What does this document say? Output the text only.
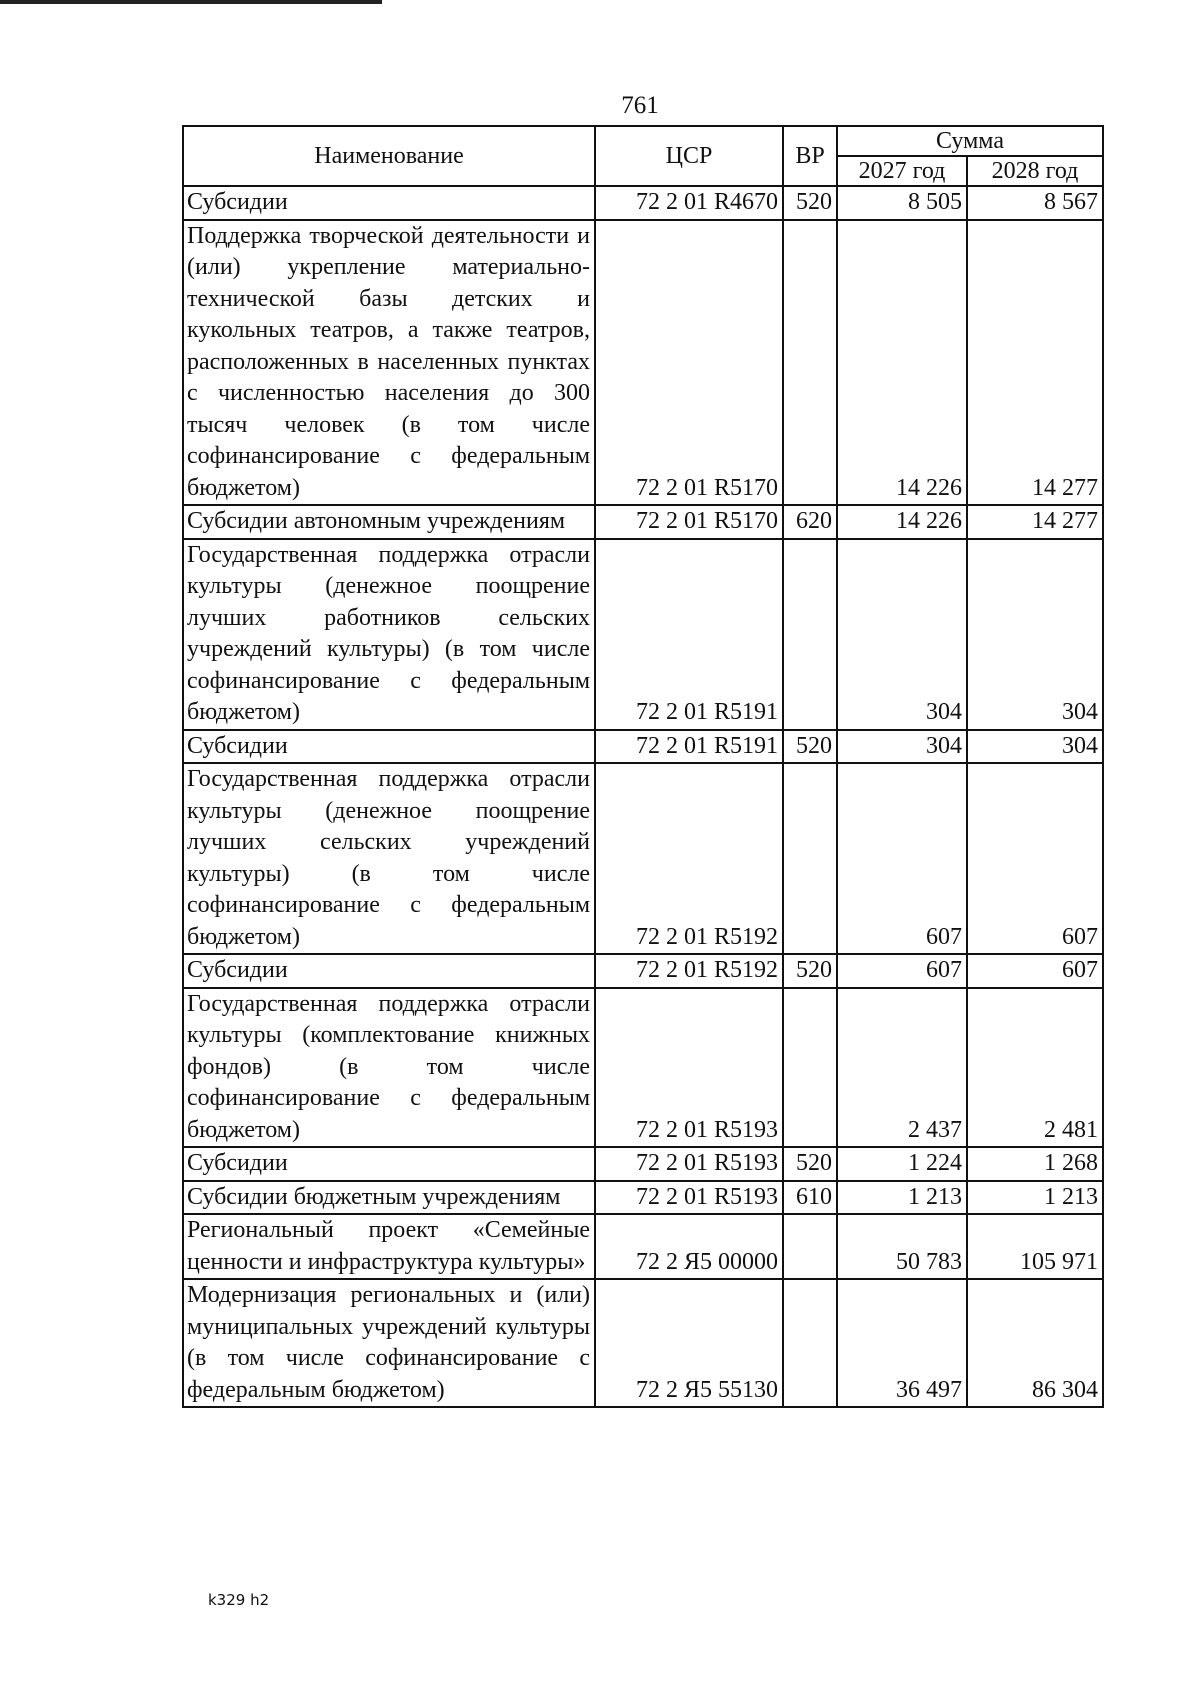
761
Наименование	ЦСР	ВР	Сумма	
			2027 год	2028 год
Субсидии	72 2 01 R4670	520	8 505	8 567
Поддержка творческой деятельности и (или) укрепление материально-технической базы детских и кукольных театров, а также театров, расположенных в населенных пунктах с численностью населения до 300 тысяч человек (в том числе софинансирование с федеральным бюджетом)	72 2 01 R5170		14 226	14 277
Субсидии автономным учреждениям	72 2 01 R5170	620	14 226	14 277
Государственная поддержка отрасли культуры (денежное поощрение лучших работников сельских учреждений культуры) (в том числе софинансирование с федеральным бюджетом)	72 2 01 R5191		304	304
Субсидии	72 2 01 R5191	520	304	304
Государственная поддержка отрасли культуры (денежное поощрение лучших сельских учреждений культуры) (в том числе софинансирование с федеральным бюджетом)	72 2 01 R5192		607	607
Субсидии	72 2 01 R5192	520	607	607
Государственная поддержка отрасли культуры (комплектование книжных фондов) (в том числе софинансирование с федеральным бюджетом)	72 2 01 R5193		2 437	2 481
Субсидии	72 2 01 R5193	520	1 224	1 268
Субсидии бюджетным учреждениям	72 2 01 R5193	610	1 213	1 213
Региональный проект «Семейные ценности и инфраструктура культуры»	72 2 Я5 00000		50 783	105 971
Модернизация региональных и (или) муниципальных учреждений культуры (в том числе софинансирование с федеральным бюджетом)	72 2 Я5 55130		36 497	86 304
k329 h2
